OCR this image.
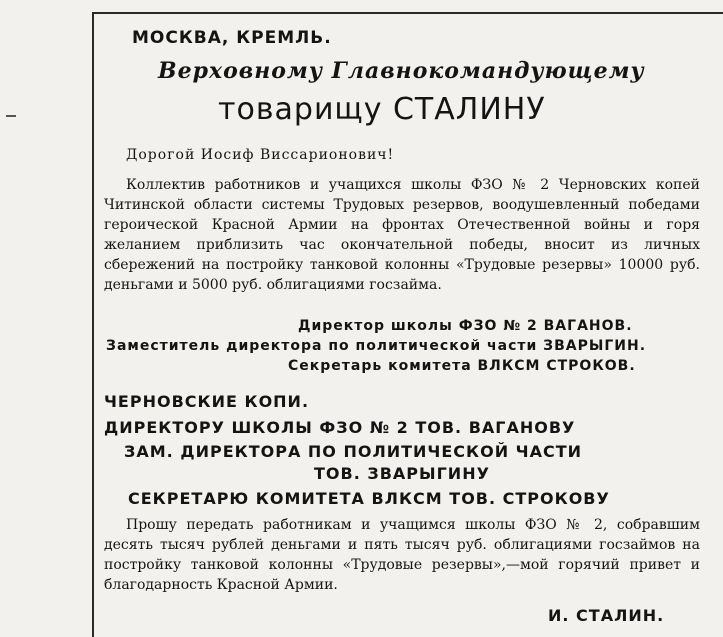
МОСКВА, КРЕМЛЬ.
Верховному Главнокомандующему
товарищу СТАЛИНУ
Дорогой Иосиф Виссарионович!
Коллектив работников и учащихся школы ФЗО № 2 Черновских копей Читинской области системы Трудовых резервов, воодушевленный победами героической Красной Армии на фронтах Отечественной войны и горя желанием приблизить час окончательной победы, вносит из личных сбережений на постройку танковой колонны «Трудовые резервы» 10000 руб. деньгами и 5000 руб. облигациями госзайма.
Директор школы ФЗО № 2 ВАГАНОВ.
Заместитель директора по политической части ЗВАРЫГИН.
Секретарь комитета ВЛКСМ СТРОКОВ.
ЧЕРНОВСКИЕ КОПИ.
ДИРЕКТОРУ ШКОЛЫ ФЗО № 2 ТОВ. ВАГАНОВУ
ЗАМ. ДИРЕКТОРА ПО ПОЛИТИЧЕСКОЙ ЧАСТИ
ТОВ. ЗВАРЫГИНУ
СЕКРЕТАРЮ КОМИТЕТА ВЛКСМ ТОВ. СТРОКОВУ
Прошу передать работникам и учащимся школы ФЗО № 2, собравшим десять тысяч рублей деньгами и пять тысяч руб. облигациями госзаймов на постройку танковой колонны «Трудовые резервы»,—мой горячий привет и благодарность Красной Армии.
И. СТАЛИН.
